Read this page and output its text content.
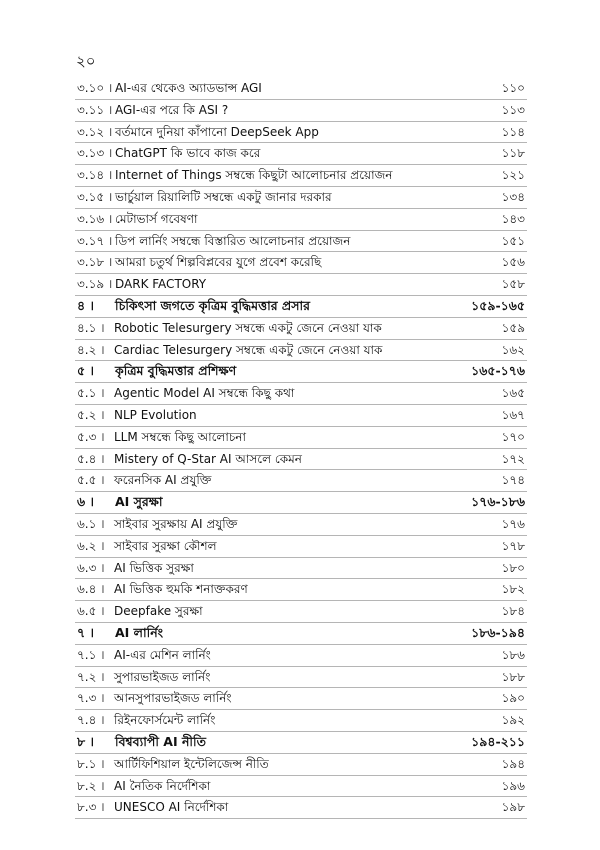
২০
৩.১০ । AI-এর থেকেও অ্যাডভান্স AGI	১১০
৩.১১ । AGI-এর পরে কি ASI ?	১১৩
৩.১২ । বর্তমানে দুনিয়া কাঁপানো DeepSeek App	১১৪
৩.১৩ । ChatGPT কি ভাবে কাজ করে	১১৮
৩.১৪ । Internet of Things সম্বন্ধে কিছুটা আলোচনার প্রয়োজন	১২১
৩.১৫ । ভার্চুয়াল রিয়ালিটি সম্বন্ধে একটু জানার দরকার	১৩৪
৩.১৬ । মেটাভার্স গবেষণা	১৪৩
৩.১৭ । ডিপ লার্নিং সম্বন্ধে বিস্তারিত আলোচনার প্রয়োজন	১৫১
৩.১৮ । আমরা চতুর্থ শিল্পবিপ্লবের যুগে প্রবেশ করেছি	১৫৬
৩.১৯ । DARK FACTORY	১৫৮
৪ । চিকিৎসা জগতে কৃত্রিম বুদ্ধিমত্তার প্রসার	১৫৯-১৬৫
৪.১ । Robotic Telesurgery সম্বন্ধে একটু জেনে নেওয়া যাক	১৫৯
৪.২ । Cardiac Telesurgery সম্বন্ধে একটু জেনে নেওয়া যাক	১৬২
৫ । কৃত্রিম বুদ্ধিমত্তার প্রশিক্ষণ	১৬৫-১৭৬
৫.১ । Agentic Model AI সম্বন্ধে কিছু কথা	১৬৫
৫.২ । NLP Evolution	১৬৭
৫.৩ । LLM সম্বন্ধে কিছু আলোচনা	১৭০
৫.৪ । Mistery of Q-Star AI আসলে কেমন	১৭২
৫.৫ । ফরেনসিক AI প্রযুক্তি	১৭৪
৬ । AI সুরক্ষা	১৭৬-১৮৬
৬.১ । সাইবার সুরক্ষায় AI প্রযুক্তি	১৭৬
৬.২ । সাইবার সুরক্ষা কৌশল	১৭৮
৬.৩ । AI ভিত্তিক সুরক্ষা	১৮০
৬.৪ । AI ভিত্তিক হুমকি শনাক্তকরণ	১৮২
৬.৫ । Deepfake সুরক্ষা	১৮৪
৭ । AI লার্নিং	১৮৬-১৯৪
৭.১ । AI-এর মেশিন লার্নিং	১৮৬
৭.২ । সুপারভাইজড লার্নিং	১৮৮
৭.৩ । আনসুপারভাইজড লার্নিং	১৯০
৭.৪ । রিইনফোর্সমেন্ট লার্নিং	১৯২
৮ । বিশ্বব্যাপী AI নীতি	১৯৪-২১১
৮.১ । আর্টিফিশিয়াল ইন্টেলিজেন্স নীতি	১৯৪
৮.২ । AI নৈতিক নির্দেশিকা	১৯৬
৮.৩ । UNESCO AI নির্দেশিকা	১৯৮
